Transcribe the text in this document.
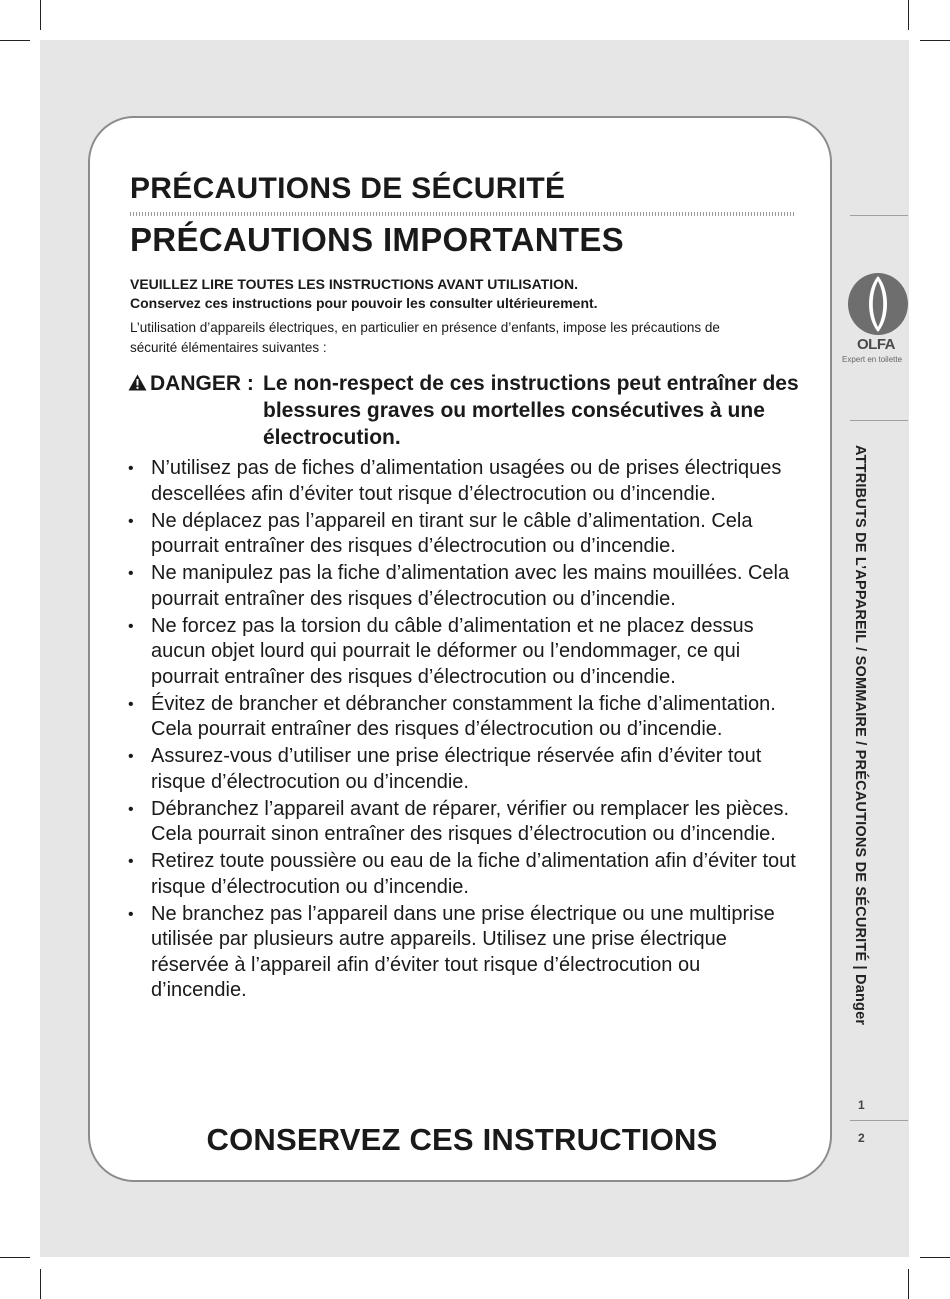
PRÉCAUTIONS DE SÉCURITÉ
PRÉCAUTIONS IMPORTANTES
VEUILLEZ LIRE TOUTES LES INSTRUCTIONS AVANT UTILISATION.
Conservez ces instructions pour pouvoir les consulter ultérieurement.
L’utilisation d’appareils électriques, en particulier en présence d’enfants, impose les précautions de sécurité élémentaires suivantes :
DANGER : Le non-respect de ces instructions peut entraîner des blessures graves ou mortelles consécutives à une électrocution.
• N’utilisez pas de fiches d’alimentation usagées ou de prises électriques descellées afin d’éviter tout risque d’électrocution ou d’incendie.
• Ne déplacez pas l’appareil en tirant sur le câble d’alimentation. Cela pourrait entraîner des risques d’électrocution ou d’incendie.
• Ne manipulez pas la fiche d’alimentation avec les mains mouillées. Cela pourrait entraîner des risques d’électrocution ou d’incendie.
• Ne forcez pas la torsion du câble d’alimentation et ne placez dessus aucun objet lourd qui pourrait le déformer ou l’endommager, ce qui pourrait entraîner des risques d’électrocution ou d’incendie.
• Évitez de brancher et débrancher constamment la fiche d’alimentation. Cela pourrait entraîner des risques d’électrocution ou d’incendie.
• Assurez-vous d’utiliser une prise électrique réservée afin d’éviter tout risque d’électrocution ou d’incendie.
• Débranchez l’appareil avant de réparer, vérifier ou remplacer les pièces. Cela pourrait sinon entraîner des risques d’électrocution ou d’incendie.
• Retirez toute poussière ou eau de la fiche d’alimentation afin d’éviter tout risque d’électrocution ou d’incendie.
• Ne branchez pas l’appareil dans une prise électrique ou une multiprise utilisée par plusieurs autre appareils. Utilisez une prise électrique réservée à l’appareil afin d’éviter tout risque d’électrocution ou d’incendie.
CONSERVEZ CES INSTRUCTIONS
OLFA
Expert en toilette
ATTRIBUTS DE L’APPAREIL / SOMMAIRE / PRÉCAUTIONS DE SÉCURITÉ | Danger
1
2
